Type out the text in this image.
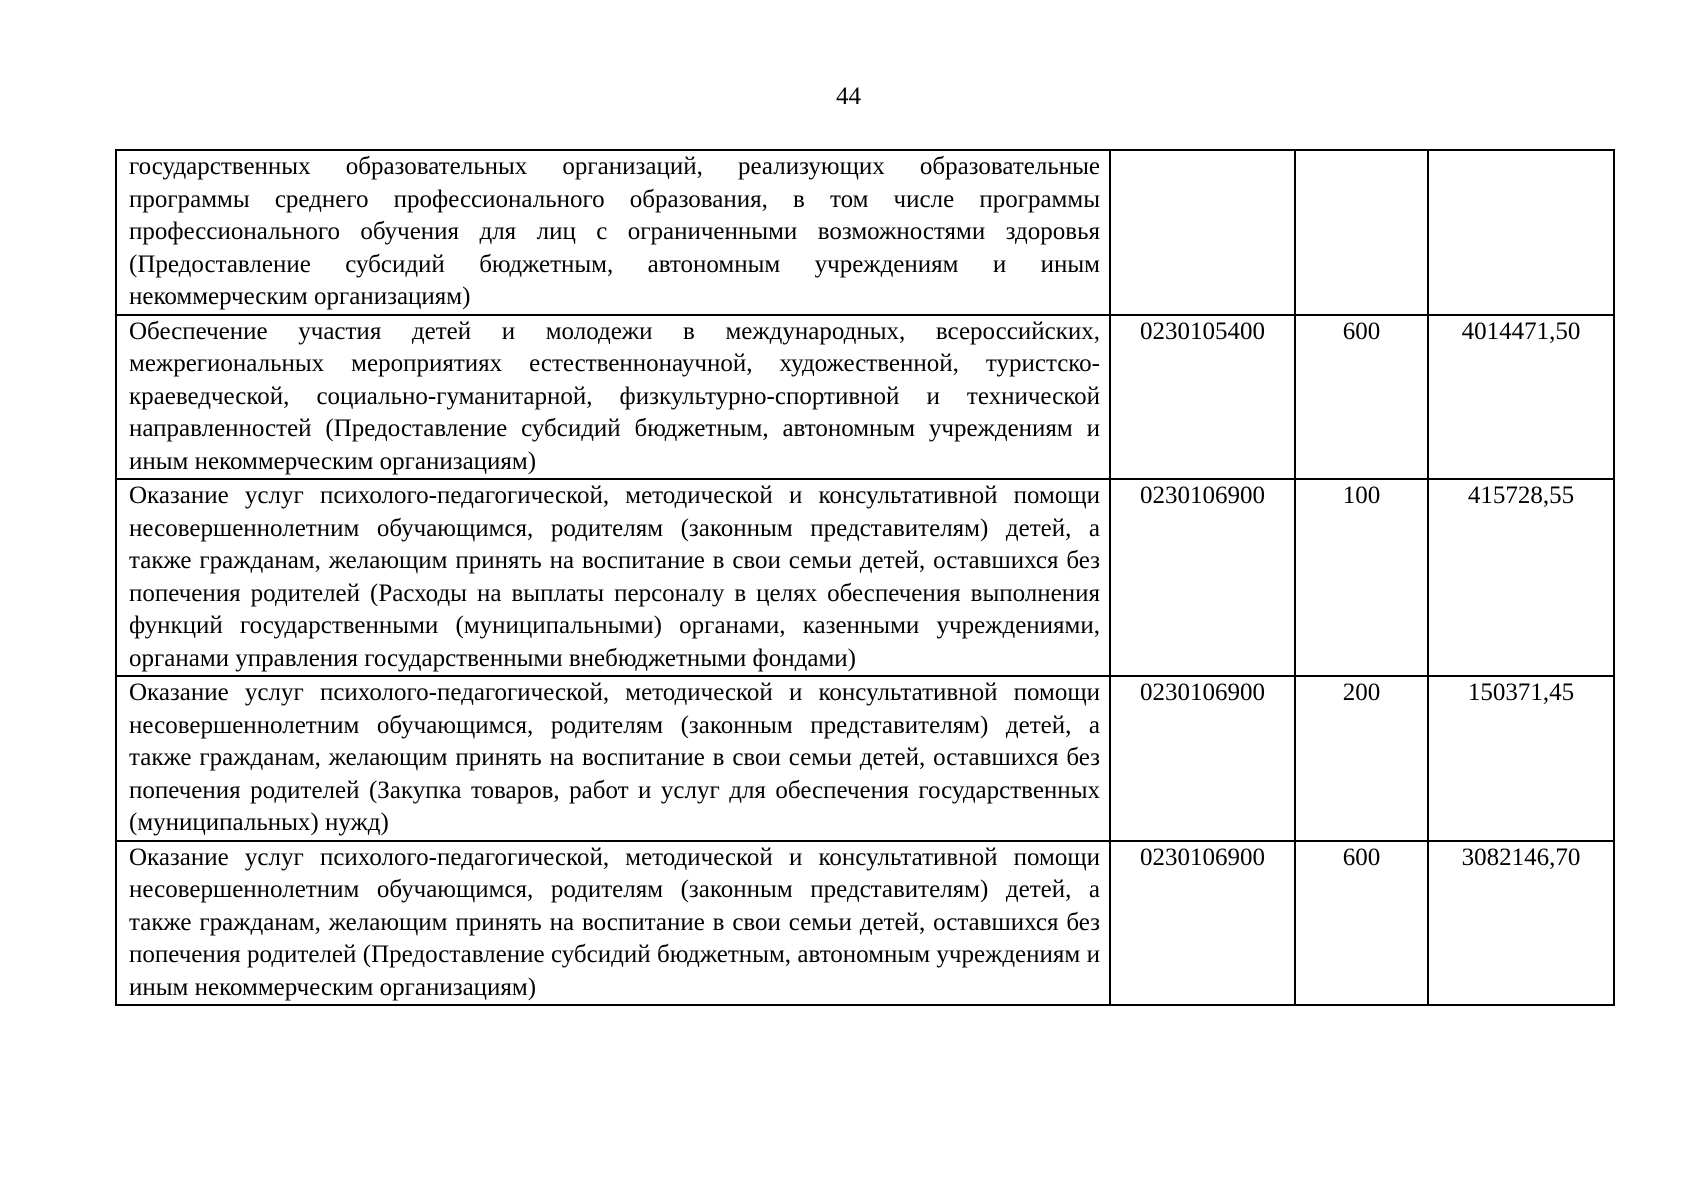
44
государственных образовательных организаций, реализующих образовательные программы среднего профессионального образования, в том числе программы профессионального обучения для лиц с ограниченными возможностями здоровья (Предоставление субсидий бюджетным, автономным учреждениям и иным некоммерческим организациям)			

Обеспечение участия детей и молодежи в международных, всероссийских, межрегиональных мероприятиях естественнонаучной, художественной, туристско-краеведческой, социально-гуманитарной, физкультурно-спортивной и технической направленностей (Предоставление субсидий бюджетным, автономным учреждениям и иным некоммерческим организациям)	0230105400	600	4014471,50

Оказание услуг психолого-педагогической, методической и консультативной помощи несовершеннолетним обучающимся, родителям (законным представителям) детей, а также гражданам, желающим принять на воспитание в свои семьи детей, оставшихся без попечения родителей (Расходы на выплаты персоналу в целях обеспечения выполнения функций государственными (муниципальными) органами, казенными учреждениями, органами управления государственными внебюджетными фондами)	0230106900	100	415728,55

Оказание услуг психолого-педагогической, методической и консультативной помощи несовершеннолетним обучающимся, родителям (законным представителям) детей, а также гражданам, желающим принять на воспитание в свои семьи детей, оставшихся без попечения родителей (Закупка товаров, работ и услуг для обеспечения государственных (муниципальных) нужд)	0230106900	200	150371,45

Оказание услуг психолого-педагогической, методической и консультативной помощи несовершеннолетним обучающимся, родителям (законным представителям) детей, а также гражданам, желающим принять на воспитание в свои семьи детей, оставшихся без попечения родителей (Предоставление субсидий бюджетным, автономным учреждениям и иным некоммерческим организациям)	0230106900	600	3082146,70
